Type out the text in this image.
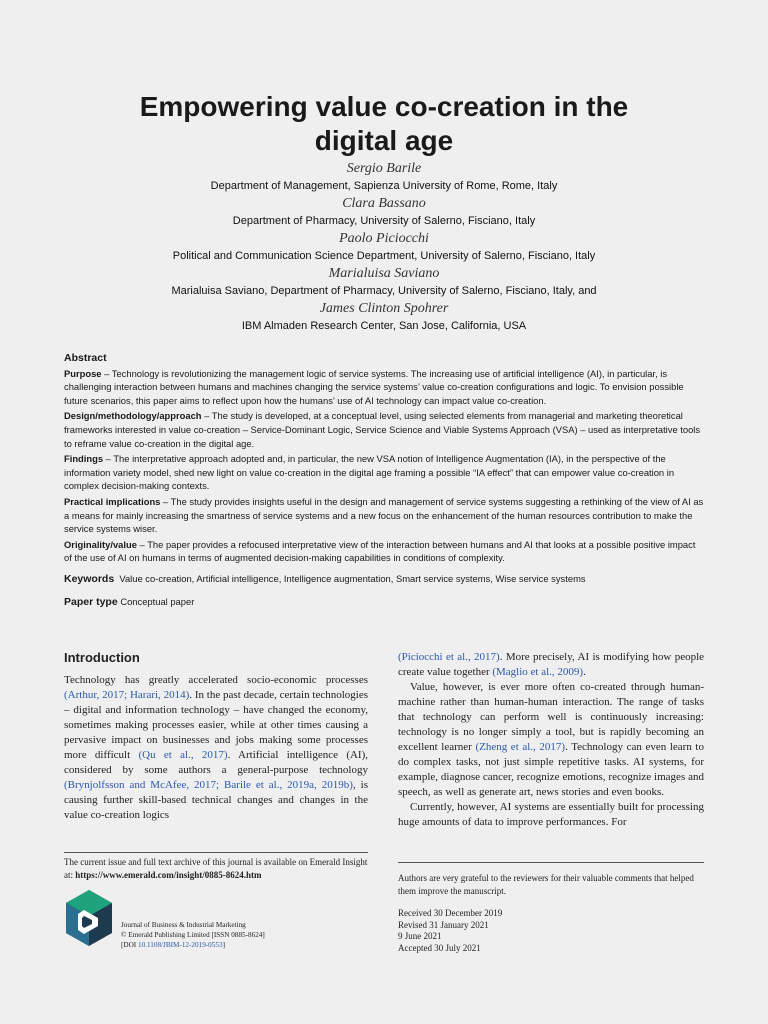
Empowering value co-creation in the
digital age
Sergio Barile
Department of Management, Sapienza University of Rome, Rome, Italy
Clara Bassano
Department of Pharmacy, University of Salerno, Fisciano, Italy
Paolo Piciocchi
Political and Communication Science Department, University of Salerno, Fisciano, Italy
Marialuisa Saviano
Marialuisa Saviano, Department of Pharmacy, University of Salerno, Fisciano, Italy, and
James Clinton Spohrer
IBM Almaden Research Center, San Jose, California, USA
Abstract

Purpose – Technology is revolutionizing the management logic of service systems. The increasing use of artificial intelligence (AI), in particular, is challenging interaction between humans and machines changing the service systems’ value co-creation configurations and logic. To envision possible future scenarios, this paper aims to reflect upon how the humans’ use of AI technology can impact value co-creation.

Design/methodology/approach – The study is developed, at a conceptual level, using selected elements from managerial and marketing theoretical frameworks interested in value co-creation – Service-Dominant Logic, Service Science and Viable Systems Approach (VSA) – used as interpretative tools to reframe value co-creation in the digital age.

Findings – The interpretative approach adopted and, in particular, the new VSA notion of Intelligence Augmentation (IA), in the perspective of the information variety model, shed new light on value co-creation in the digital age framing a possible “IA effect” that can empower value co-creation in complex decision-making contexts.

Practical implications – The study provides insights useful in the design and management of service systems suggesting a rethinking of the view of AI as a means for mainly increasing the smartness of service systems and a new focus on the enhancement of the human resources contribution to make the service systems wiser.

Originality/value – The paper provides a refocused interpretative view of the interaction between humans and AI that looks at a possible positive impact of the use of AI on humans in terms of augmented decision-making capabilities in conditions of complexity.

Keywords Value co-creation, Artificial intelligence, Intelligence augmentation, Smart service systems, Wise service systems

Paper type Conceptual paper

Introduction

Technology has greatly accelerated socio-economic processes (Arthur, 2017; Harari, 2014). In the past decade, certain technologies – digital and information technology – have changed the economy, sometimes making processes easier, while at other times causing a pervasive impact on businesses and jobs making some processes more difficult (Qu et al., 2017). Artificial intelligence (AI), considered by some authors a general-purpose technology (Brynjolfsson and McAfee, 2017; Barile et al., 2019a, 2019b), is causing further skill-based technical changes and changes in the value co-creation logics

(Piciocchi et al., 2017). More precisely, AI is modifying how people create value together (Maglio et al., 2009).

Value, however, is ever more often co-created through human-machine rather than human-human interaction. The range of tasks that technology can perform well is continuously increasing: technology is no longer simply a tool, but is rapidly becoming an excellent learner (Zheng et al., 2017). Technology can even learn to do complex tasks, not just simple repetitive tasks. AI systems, for example, diagnose cancer, recognize emotions, recognize images and speech, as well as generate art, news stories and even books.

Currently, however, AI systems are essentially built for processing huge amounts of data to improve performances. For

The current issue and full text archive of this journal is available on Emerald Insight at: https://www.emerald.com/insight/0885-8624.htm	Authors are very grateful to the reviewers for their valuable comments that helped them improve the manuscript.
Journal of Business & Industrial Marketing
© Emerald Publishing Limited [ISSN 0885-8624]
[DOI 10.1108/JBIM-12-2019-0553]
Received 30 December 2019
Revised 31 January 2021
9 June 2021
Accepted 30 July 2021
